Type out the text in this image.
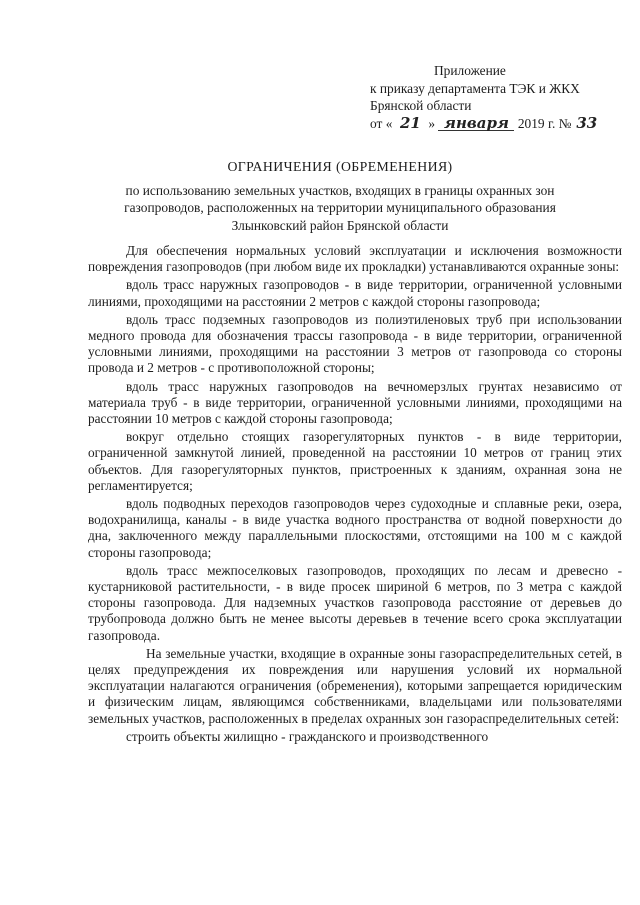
Приложение
к приказу департамента ТЭК и ЖКХ
Брянской области
от « 21 » января 2019 г. № 33
ОГРАНИЧЕНИЯ (ОБРЕМЕНЕНИЯ)
по использованию земельных участков, входящих в границы охранных зон
газопроводов, расположенных на территории муниципального образования
Злынковский район Брянской области

Для обеспечения нормальных условий эксплуатации и исключения возможности повреждения газопроводов (при любом виде их прокладки) устанавливаются охранные зоны:

вдоль трасс наружных газопроводов - в виде территории, ограниченной условными линиями, проходящими на расстоянии 2 метров с каждой стороны газопровода;

вдоль трасс подземных газопроводов из полиэтиленовых труб при использовании медного провода для обозначения трассы газопровода - в виде территории, ограниченной условными линиями, проходящими на расстоянии 3 метров от газопровода со стороны провода и 2 метров - с противоположной стороны;

вдоль трасс наружных газопроводов на вечномерзлых грунтах независимо от материала труб - в виде территории, ограниченной условными линиями, проходящими на расстоянии 10 метров с каждой стороны газопровода;

вокруг отдельно стоящих газорегуляторных пунктов - в виде территории, ограниченной замкнутой линией, проведенной на расстоянии 10 метров от границ этих объектов. Для газорегуляторных пунктов, пристроенных к зданиям, охранная зона не регламентируется;

вдоль подводных переходов газопроводов через судоходные и сплавные реки, озера, водохранилища, каналы - в виде участка водного пространства от водной поверхности до дна, заключенного между параллельными плоскостями, отстоящими на 100 м с каждой стороны газопровода;

вдоль трасс межпоселковых газопроводов, проходящих по лесам и древесно - кустарниковой растительности, - в виде просек шириной 6 метров, по 3 метра с каждой стороны газопровода. Для надземных участков газопровода расстояние от деревьев до трубопровода должно быть не менее высоты деревьев в течение всего срока эксплуатации газопровода.

На земельные участки, входящие в охранные зоны газораспределительных сетей, в целях предупреждения их повреждения или нарушения условий их нормальной эксплуатации налагаются ограничения (обременения), которыми запрещается юридическим и физическим лицам, являющимся собственниками, владельцами или пользователями земельных участков, расположенных в пределах охранных зон газораспределительных сетей:

строить объекты жилищно - гражданского и производственного
